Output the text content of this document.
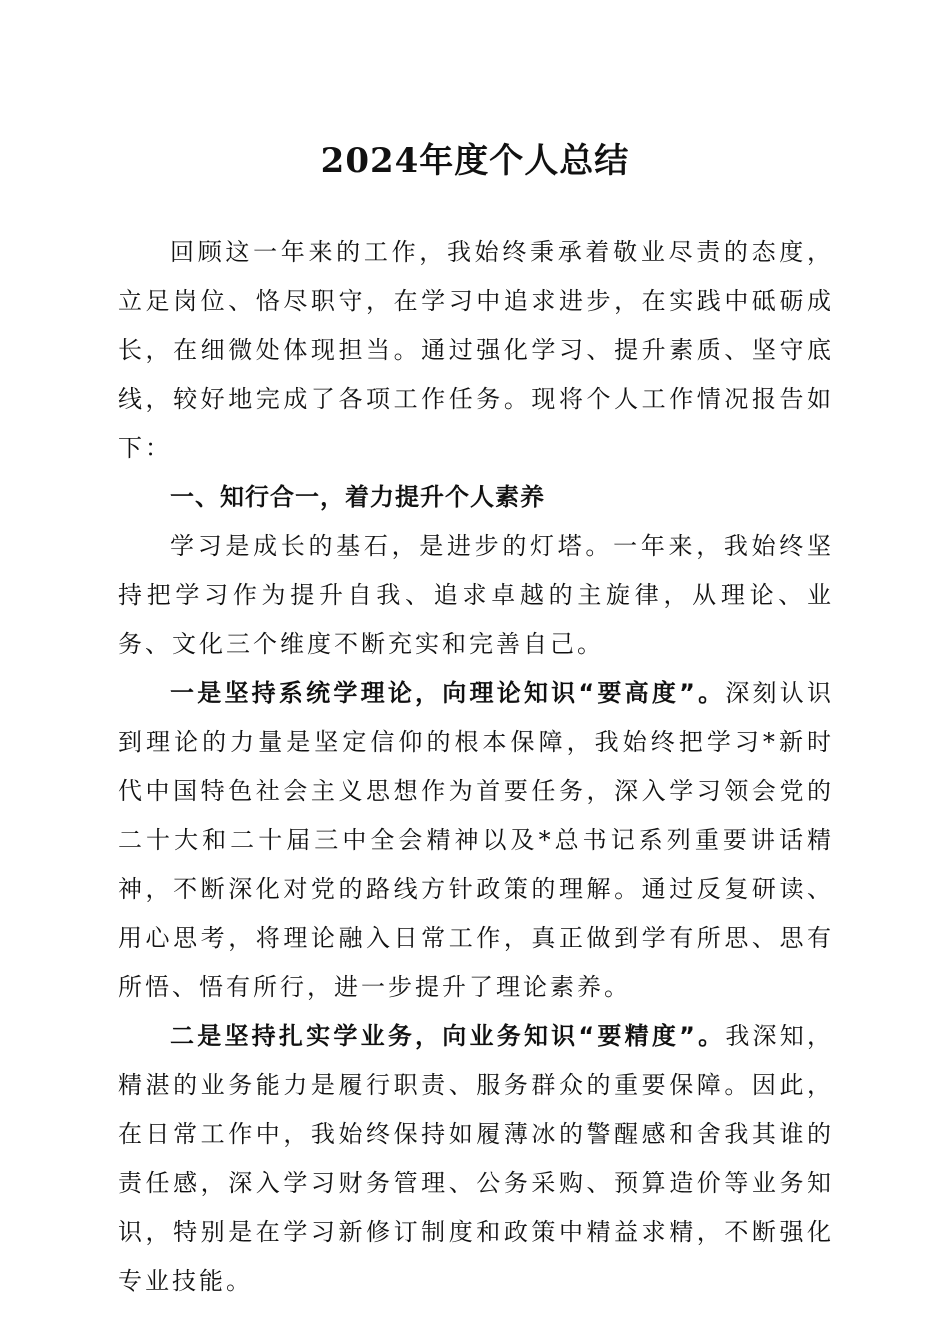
2024年度个人总结

回顾这一年来的工作，我始终秉承着敬业尽责的态度，立足岗位、恪尽职守，在学习中追求进步，在实践中砥砺成长，在细微处体现担当。通过强化学习、提升素质、坚守底线，较好地完成了各项工作任务。现将个人工作情况报告如下：

一、知行合一，着力提升个人素养

学习是成长的基石，是进步的灯塔。一年来，我始终坚持把学习作为提升自我、追求卓越的主旋律，从理论、业务、文化三个维度不断充实和完善自己。

一是坚持系统学理论，向理论知识“要高度”。深刻认识到理论的力量是坚定信仰的根本保障，我始终把学习*新时代中国特色社会主义思想作为首要任务，深入学习领会党的二十大和二十届三中全会精神以及*总书记系列重要讲话精神，不断深化对党的路线方针政策的理解。通过反复研读、用心思考，将理论融入日常工作，真正做到学有所思、思有所悟、悟有所行，进一步提升了理论素养。

二是坚持扎实学业务，向业务知识“要精度”。我深知，精湛的业务能力是履行职责、服务群众的重要保障。因此，在日常工作中，我始终保持如履薄冰的警醒感和舍我其谁的责任感，深入学习财务管理、公务采购、预算造价等业务知识，特别是在学习新修订制度和政策中精益求精，不断强化专业技能。
